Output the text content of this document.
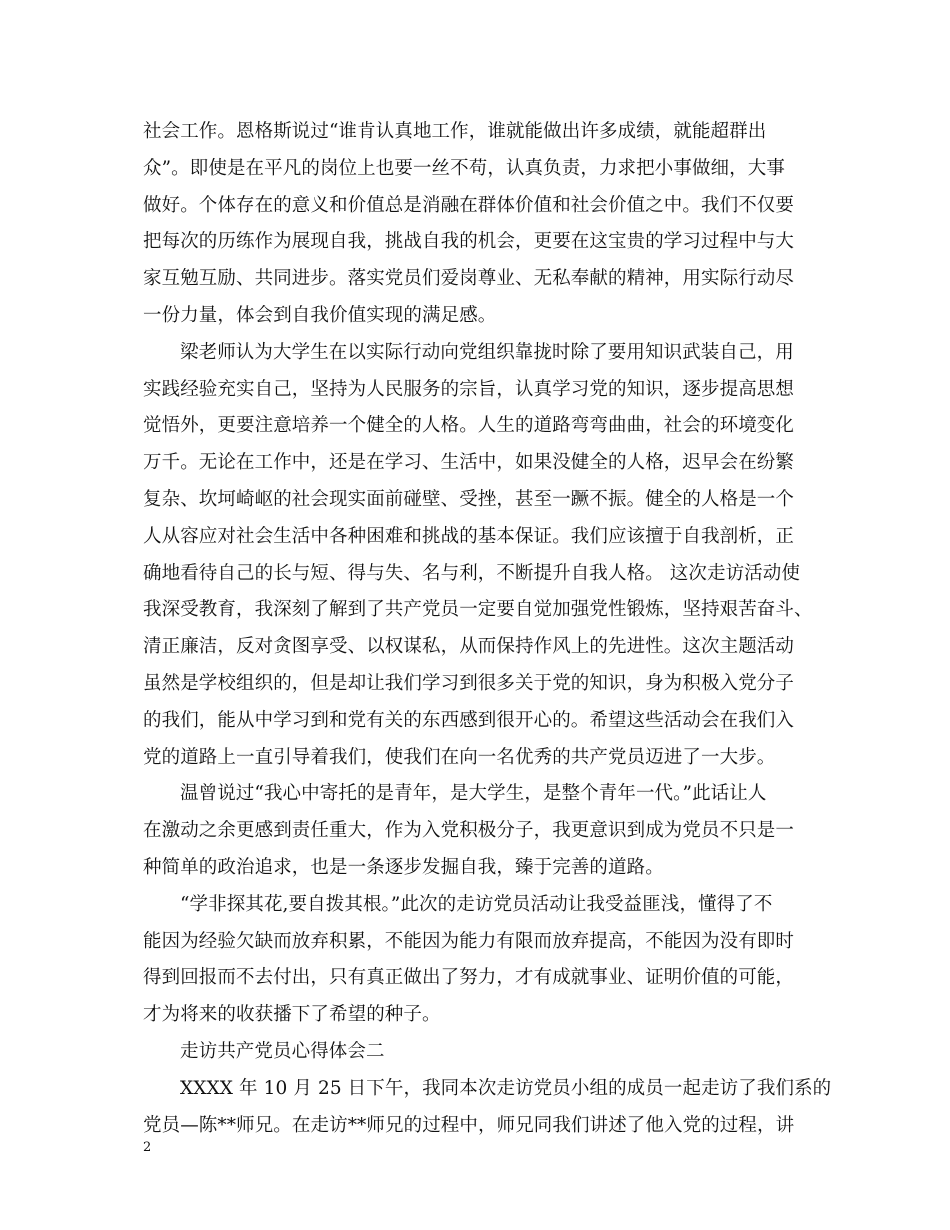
社会工作。恩格斯说过“谁肯认真地工作，谁就能做出许多成绩，就能超群出
众”。即使是在平凡的岗位上也要一丝不苟，认真负责，力求把小事做细，大事
做好。个体存在的意义和价值总是消融在群体价值和社会价值之中。我们不仅要
把每次的历练作为展现自我，挑战自我的机会，更要在这宝贵的学习过程中与大
家互勉互励、共同进步。落实党员们爱岗尊业、无私奉献的精神，用实际行动尽
一份力量，体会到自我价值实现的满足感。
梁老师认为大学生在以实际行动向党组织靠拢时除了要用知识武装自己，用
实践经验充实自己，坚持为人民服务的宗旨，认真学习党的知识，逐步提高思想
觉悟外，更要注意培养一个健全的人格。人生的道路弯弯曲曲，社会的环境变化
万千。无论在工作中，还是在学习、生活中，如果没健全的人格，迟早会在纷繁
复杂、坎坷崎岖的社会现实面前碰壁、受挫，甚至一蹶不振。健全的人格是一个
人从容应对社会生活中各种困难和挑战的基本保证。我们应该擅于自我剖析，正
确地看待自己的长与短、得与失、名与利，不断提升自我人格。 这次走访活动使
我深受教育，我深刻了解到了共产党员一定要自觉加强党性锻炼，坚持艰苦奋斗、
清正廉洁，反对贪图享受、以权谋私，从而保持作风上的先进性。这次主题活动
虽然是学校组织的，但是却让我们学习到很多关于党的知识，身为积极入党分子
的我们，能从中学习到和党有关的东西感到很开心的。希望这些活动会在我们入
党的道路上一直引导着我们，使我们在向一名优秀的共产党员迈进了一大步。
温曾说过“我心中寄托的是青年，是大学生，是整个青年一代。”此话让人
在激动之余更感到责任重大，作为入党积极分子，我更意识到成为党员不只是一
种简单的政治追求，也是一条逐步发掘自我，臻于完善的道路。
“学非探其花,要自拨其根。”此次的走访党员活动让我受益匪浅，懂得了不
能因为经验欠缺而放弃积累，不能因为能力有限而放弃提高，不能因为没有即时
得到回报而不去付出，只有真正做出了努力，才有成就事业、证明价值的可能，
才为将来的收获播下了希望的种子。
走访共产党员心得体会二
XXXX 年 10 月 25 日下午，我同本次走访党员小组的成员一起走访了我们系的
党员—陈**师兄。在走访**师兄的过程中，师兄同我们讲述了他入党的过程，讲
2
